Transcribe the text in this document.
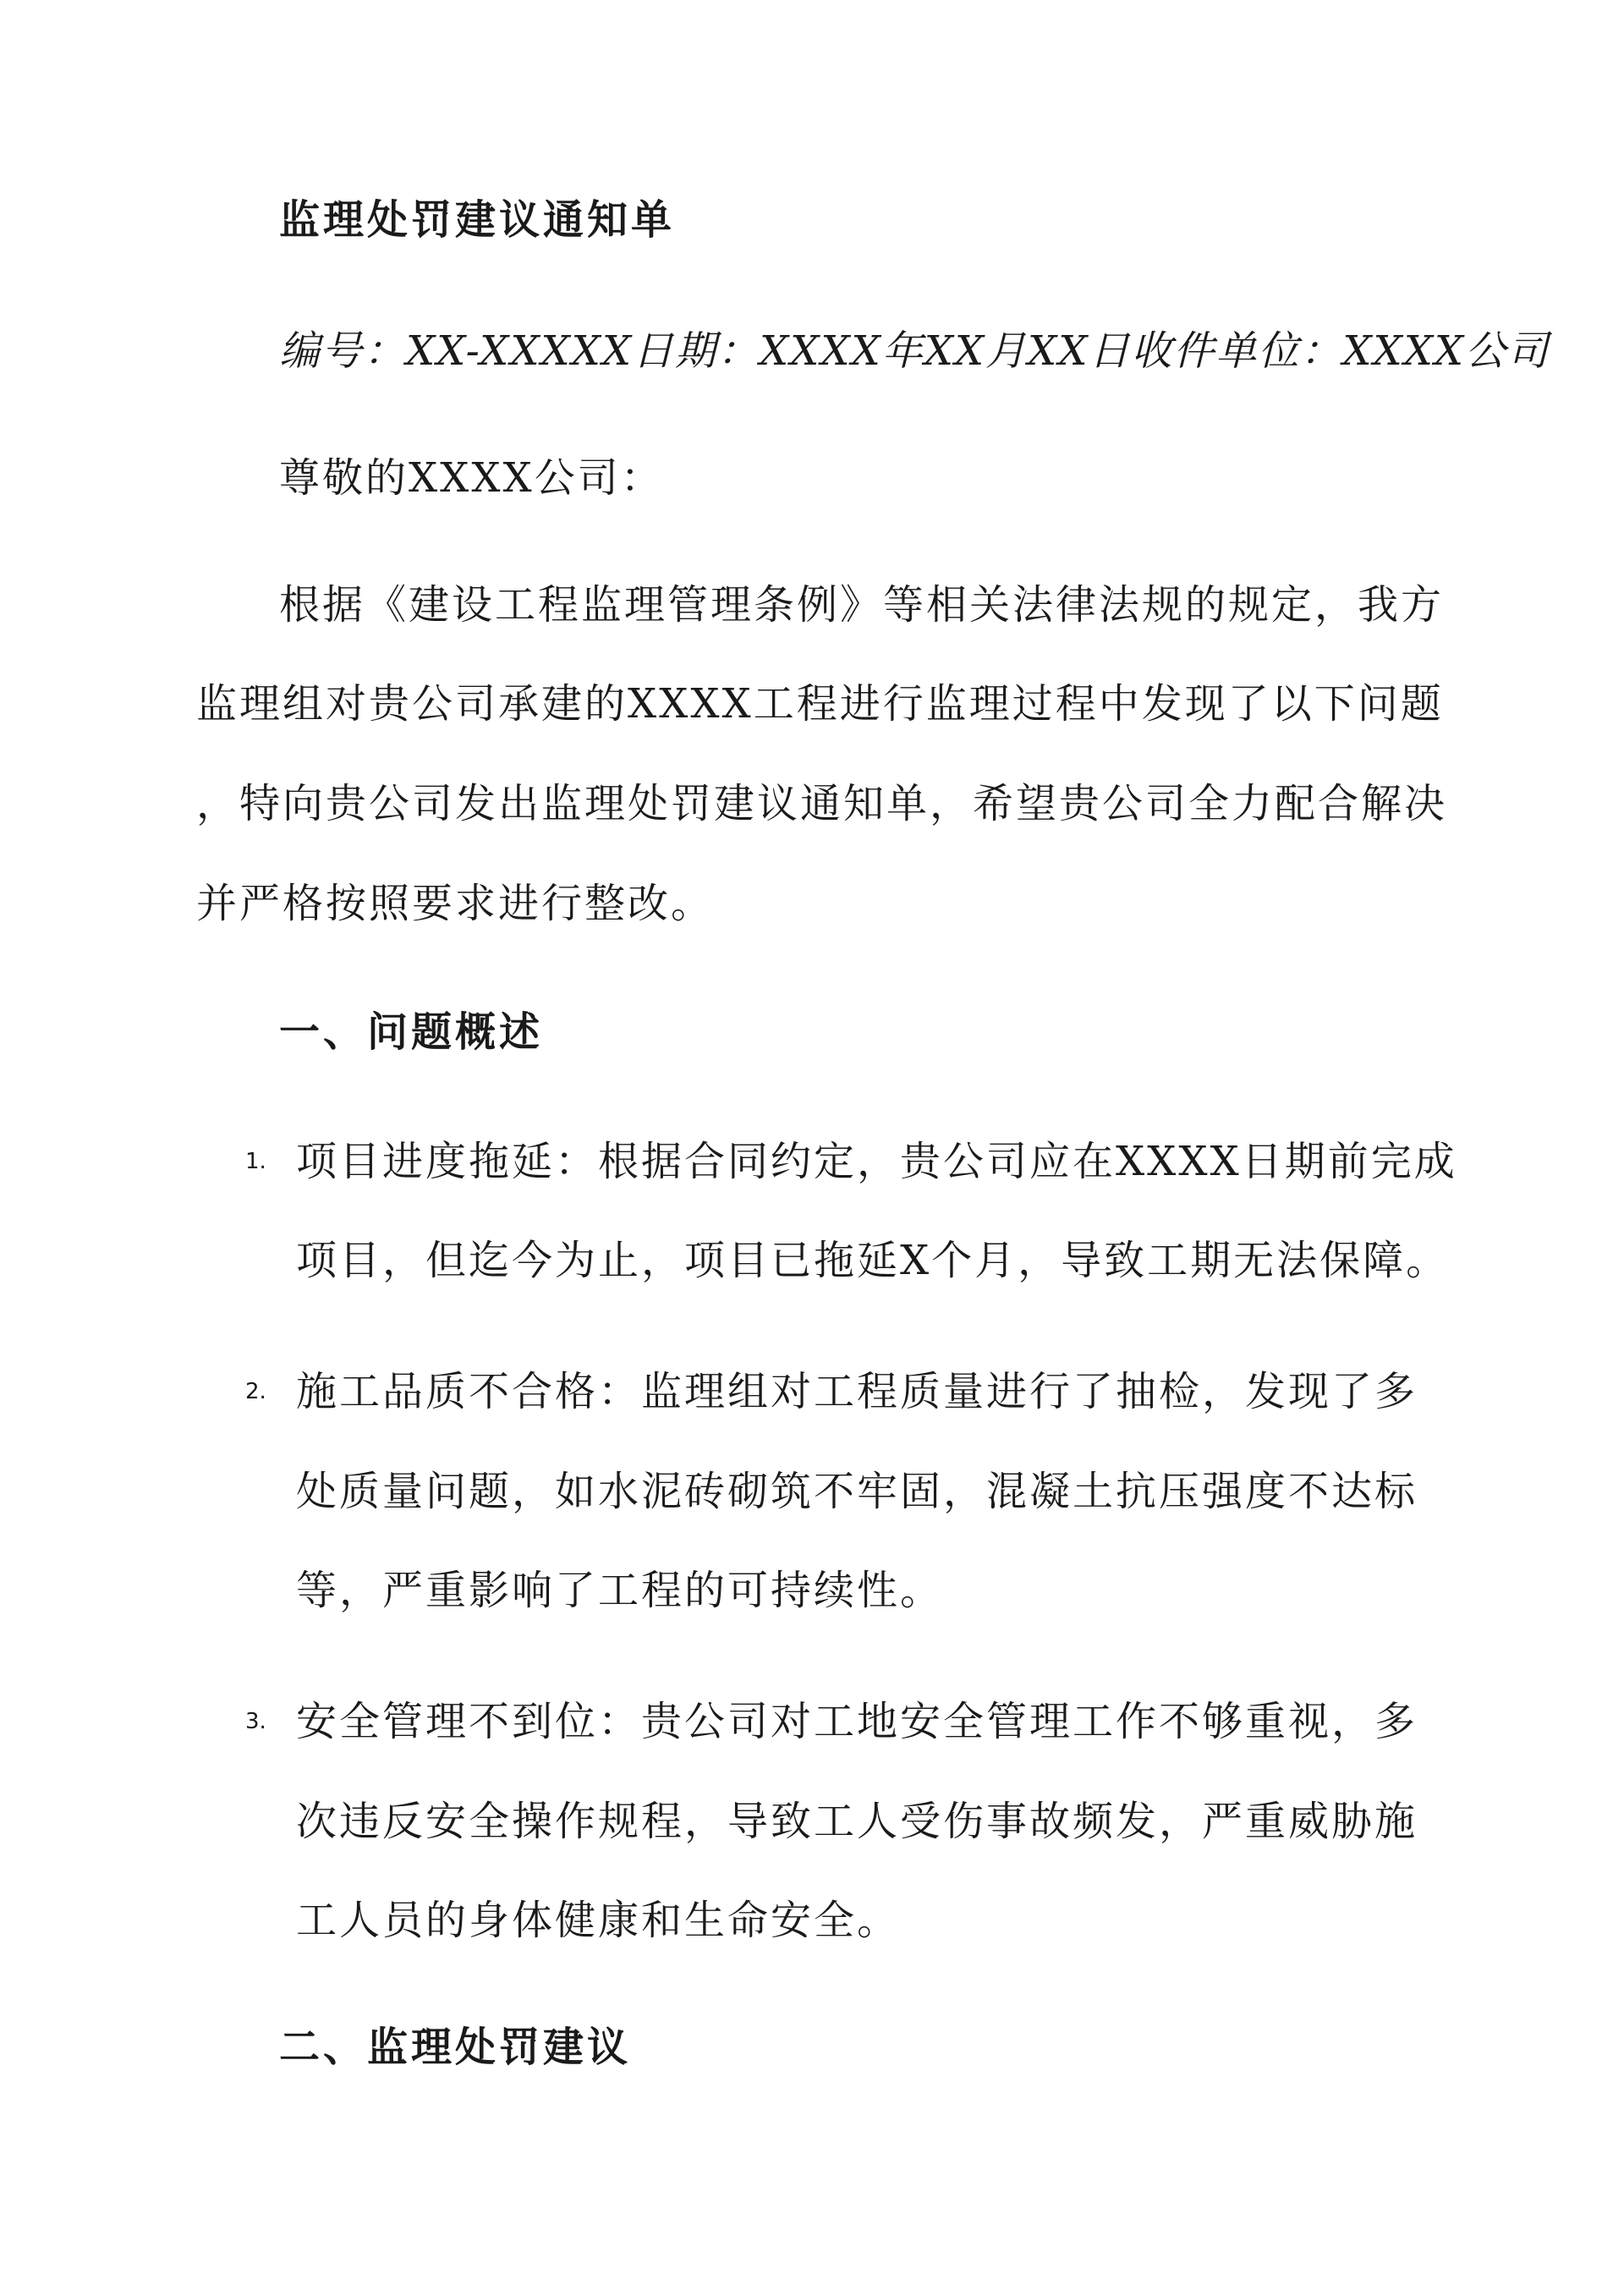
监理处罚建议通知单
编号：XX-XXXXX日期：XXXX年XX月XX日收件单位：XXXX公司
尊敬的XXXX公司：
根据《建设工程监理管理条例》等相关法律法规的规定，我方
监理组对贵公司承建的XXXX工程进行监理过程中发现了以下问题
，特向贵公司发出监理处罚建议通知单，希望贵公司全力配合解决
并严格按照要求进行整改。
一、问题概述
1. 项目进度拖延：根据合同约定，贵公司应在XXXX日期前完成
项目，但迄今为止，项目已拖延X个月，导致工期无法保障。
2. 施工品质不合格：监理组对工程质量进行了抽检，发现了多
处质量问题，如水泥砖砌筑不牢固，混凝土抗压强度不达标
等，严重影响了工程的可持续性。
3. 安全管理不到位：贵公司对工地安全管理工作不够重视，多
次违反安全操作规程，导致工人受伤事故频发，严重威胁施
工人员的身体健康和生命安全。
二、监理处罚建议
